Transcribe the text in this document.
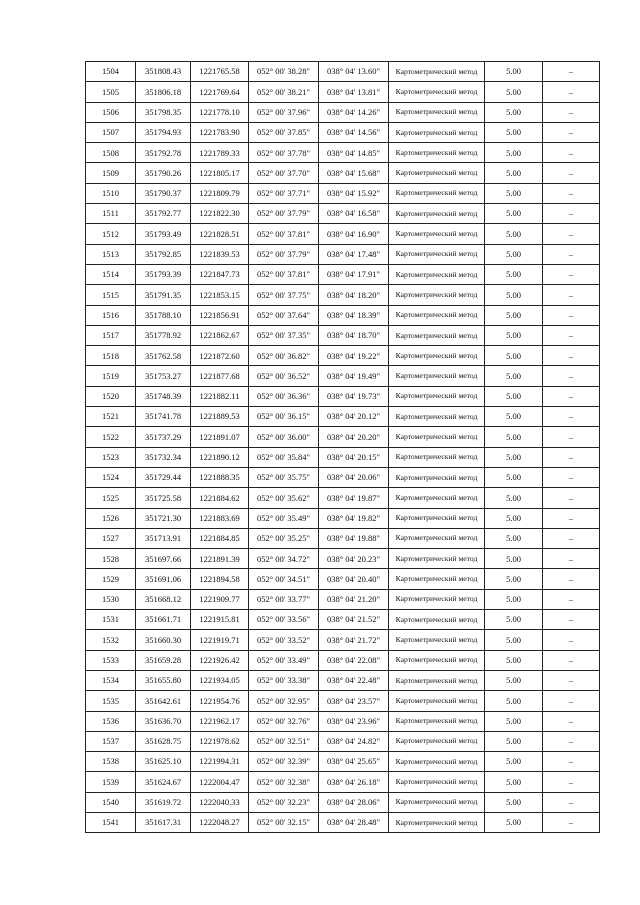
1504	351808.43	1221765.58	052° 00' 38.28"	038° 04' 13.60"	Картометрический метод	5.00	–
1505	351806.18	1221769.64	052° 00' 38.21"	038° 04' 13.81"	Картометрический метод	5.00	–
1506	351798.35	1221778.10	052° 00' 37.96"	038° 04' 14.26"	Картометрический метод	5.00	–
1507	351794.93	1221783.90	052° 00' 37.85"	038° 04' 14.56"	Картометрический метод	5.00	–
1508	351792.78	1221789.33	052° 00' 37.78"	038° 04' 14.85"	Картометрический метод	5.00	–
1509	351790.26	1221805.17	052° 00' 37.70"	038° 04' 15.68"	Картометрический метод	5.00	–
1510	351790.37	1221809.79	052° 00' 37.71"	038° 04' 15.92"	Картометрический метод	5.00	–
1511	351792.77	1221822.30	052° 00' 37.79"	038° 04' 16.58"	Картометрический метод	5.00	–
1512	351793.49	1221828.51	052° 00' 37.81"	038° 04' 16.90"	Картометрический метод	5.00	–
1513	351792.85	1221839.53	052° 00' 37.79"	038° 04' 17.48"	Картометрический метод	5.00	–
1514	351793.39	1221847.73	052° 00' 37.81"	038° 04' 17.91"	Картометрический метод	5.00	–
1515	351791.35	1221853.15	052° 00' 37.75"	038° 04' 18.20"	Картометрический метод	5.00	–
1516	351788.10	1221856.91	052° 00' 37.64"	038° 04' 18.39"	Картометрический метод	5.00	–
1517	351778.92	1221862.67	052° 00' 37.35"	038° 04' 18.70"	Картометрический метод	5.00	–
1518	351762.58	1221872.60	052° 00' 36.82"	038° 04' 19.22"	Картометрический метод	5.00	–
1519	351753.27	1221877.68	052° 00' 36.52"	038° 04' 19.49"	Картометрический метод	5.00	–
1520	351748.39	1221882.11	052° 00' 36.36"	038° 04' 19.73"	Картометрический метод	5.00	–
1521	351741.78	1221889.53	052° 00' 36.15"	038° 04' 20.12"	Картометрический метод	5.00	–
1522	351737.29	1221891.07	052° 00' 36.00"	038° 04' 20.20"	Картометрический метод	5.00	–
1523	351732.34	1221890.12	052° 00' 35.84"	038° 04' 20.15"	Картометрический метод	5.00	–
1524	351729.44	1221888.35	052° 00' 35.75"	038° 04' 20.06"	Картометрический метод	5.00	–
1525	351725.58	1221884.62	052° 00' 35.62"	038° 04' 19.87"	Картометрический метод	5.00	–
1526	351721.30	1221883.69	052° 00' 35.49"	038° 04' 19.82"	Картометрический метод	5.00	–
1527	351713.91	1221884.85	052° 00' 35.25"	038° 04' 19.88"	Картометрический метод	5.00	–
1528	351697.66	1221891.39	052° 00' 34.72"	038° 04' 20.23"	Картометрический метод	5.00	–
1529	351691.06	1221894.58	052° 00' 34.51"	038° 04' 20.40"	Картометрический метод	5.00	–
1530	351668.12	1221909.77	052° 00' 33.77"	038° 04' 21.20"	Картометрический метод	5.00	–
1531	351661.71	1221915.81	052° 00' 33.56"	038° 04' 21.52"	Картометрический метод	5.00	–
1532	351660.30	1221919.71	052° 00' 33.52"	038° 04' 21.72"	Картометрический метод	5.00	–
1533	351659.28	1221926.42	052° 00' 33.49"	038° 04' 22.08"	Картометрический метод	5.00	–
1534	351655.80	1221934.05	052° 00' 33.38"	038° 04' 22.48"	Картометрический метод	5.00	–
1535	351642.61	1221954.76	052° 00' 32.95"	038° 04' 23.57"	Картометрический метод	5.00	–
1536	351636.70	1221962.17	052° 00' 32.76"	038° 04' 23.96"	Картометрический метод	5.00	–
1537	351628.75	1221978.62	052° 00' 32.51"	038° 04' 24.82"	Картометрический метод	5.00	–
1538	351625.10	1221994.31	052° 00' 32.39"	038° 04' 25.65"	Картометрический метод	5.00	–
1539	351624.67	1222004.47	052° 00' 32.38"	038° 04' 26.18"	Картометрический метод	5.00	–
1540	351619.72	1222040.33	052° 00' 32.23"	038° 04' 28.06"	Картометрический метод	5.00	–
1541	351617.31	1222048.27	052° 00' 32.15"	038° 04' 28.48"	Картометрический метод	5.00	–
